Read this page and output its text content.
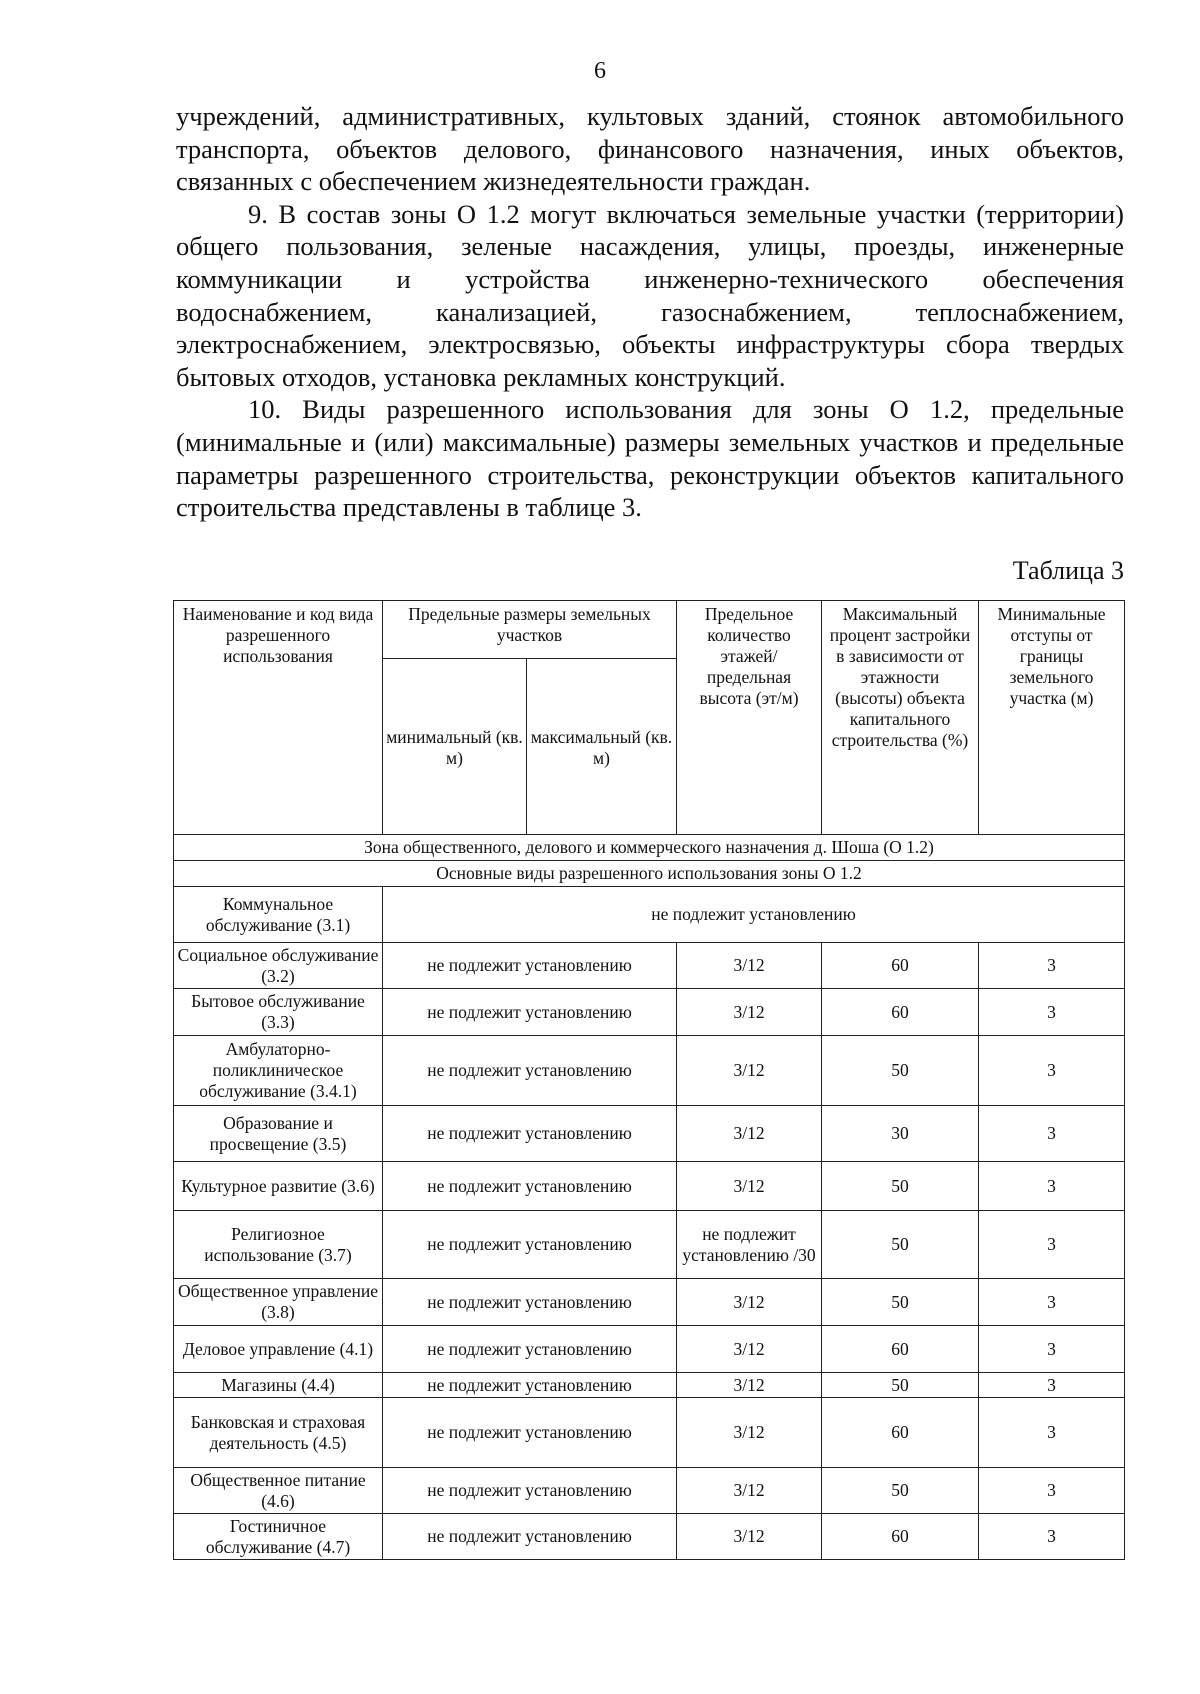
6

учреждений, административных, культовых зданий, стоянок автомобильного транспорта, объектов делового, финансового назначения, иных объектов, связанных с обеспечением жизнедеятельности граждан.

9. В состав зоны О 1.2 могут включаться земельные участки (территории) общего пользования, зеленые насаждения, улицы, проезды, инженерные коммуникации и устройства инженерно-технического обеспечения водоснабжением, канализацией, газоснабжением, теплоснабжением, электроснабжением, электросвязью, объекты инфраструктуры сбора твердых бытовых отходов, установка рекламных конструкций.

10. Виды разрешенного использования для зоны О 1.2, предельные (минимальные и (или) максимальные) размеры земельных участков и предельные параметры разрешенного строительства, реконструкции объектов капитального строительства представлены в таблице 3.

Таблица 3
Наименование и код вида разрешенного использования	Предельные размеры земельных участков		Предельное количество этажей/ предельная высота (эт/м)	Максимальный процент застройки в зависимости от этажности (высоты) объекта капитального строительства (%)	Минимальные отступы от границы земельного участка (м)
	минимальный (кв. м)	максимальный (кв. м)			
Зона общественного, делового и коммерческого назначения д. Шоша (О 1.2)					
Основные виды разрешенного использования зоны О 1.2					
Коммунальное обслуживание (3.1)	не подлежит установлению				
Социальное обслуживание (3.2)	не подлежит установлению		3/12	60	3
Бытовое обслуживание (3.3)	не подлежит установлению		3/12	60	3
Амбулаторно-поликлиническое обслуживание (3.4.1)	не подлежит установлению		3/12	50	3
Образование и просвещение (3.5)	не подлежит установлению		3/12	30	3
Культурное развитие (3.6)	не подлежит установлению		3/12	50	3
Религиозное использование (3.7)	не подлежит установлению		не подлежит установлению /30	50	3
Общественное управление (3.8)	не подлежит установлению		3/12	50	3
Деловое управление (4.1)	не подлежит установлению		3/12	60	3
Магазины (4.4)	не подлежит установлению		3/12	50	3
Банковская и страховая деятельность (4.5)	не подлежит установлению		3/12	60	3
Общественное питание (4.6)	не подлежит установлению		3/12	50	3
Гостиничное обслуживание (4.7)	не подлежит установлению		3/12	60	3
